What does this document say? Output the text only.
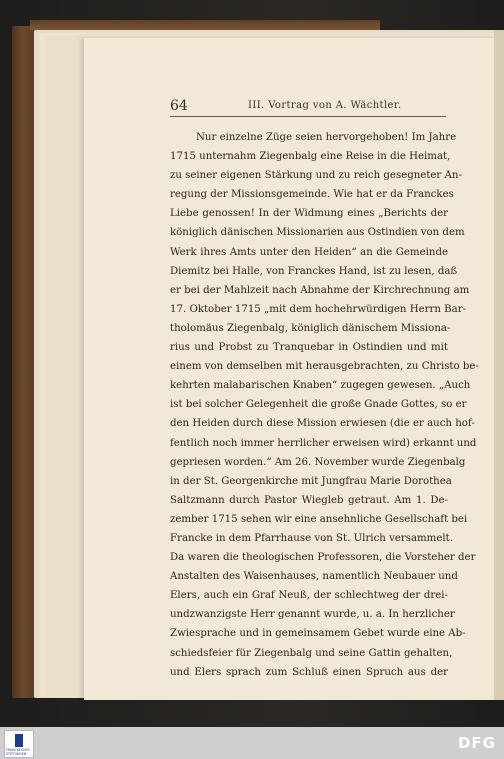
64	III. Vortrag von A. Wächtler.
Nur einzelne Züge seien hervorgehoben! Im Jahre
1715 unternahm Ziegenbalg eine Reise in die Heimat,
zu seiner eigenen Stärkung und zu reich gesegneter An-
regung der Missionsgemeinde. Wie hat er da Franckes
Liebe genossen! In der Widmung eines „Berichts der
königlich dänischen Missionarien aus Ostindien von dem
Werk ihres Amts unter den Heiden“ an die Gemeinde
Diemitz bei Halle, von Franckes Hand, ist zu lesen, daß
er bei der Mahlzeit nach Abnahme der Kirchrechnung am
17. Oktober 1715 „mit dem hochehrwürdigen Herrn Bar-
tholomäus Ziegenbalg, königlich dänischem Missiona-
rius und Probst zu Tranquebar in Ostindien und mit
einem von demselben mit herausgebrachten, zu Christo be-
kehrten malabarischen Knaben“ zugegen gewesen. „Auch
ist bei solcher Gelegenheit die große Gnade Gottes, so er
den Heiden durch diese Mission erwiesen (die er auch hof-
fentlich noch immer herrlicher erweisen wird) erkannt und
gepriesen worden.“ Am 26. November wurde Ziegenbalg
in der St. Georgenkirche mit Jungfrau Marie Dorothea
Saltzmann durch Pastor Wiegleb getraut. Am 1. De-
zember 1715 sehen wir eine ansehnliche Gesellschaft bei
Francke in dem Pfarrhause von St. Ulrich versammelt.
Da waren die theologischen Professoren, die Vorsteher der
Anstalten des Waisenhauses, namentlich Neubauer und
Elers, auch ein Graf Neuß, der schlechtweg der drei-
undzwanzigste Herr genannt wurde, u. a. In herzlicher
Zwiesprache und in gemeinsamem Gebet wurde eine Ab-
schiedsfeier für Ziegenbalg und seine Gattin gehalten,
und Elers sprach zum Schluß einen Spruch aus der
FRANCKESCHE STIFTUNGEN
DFG
